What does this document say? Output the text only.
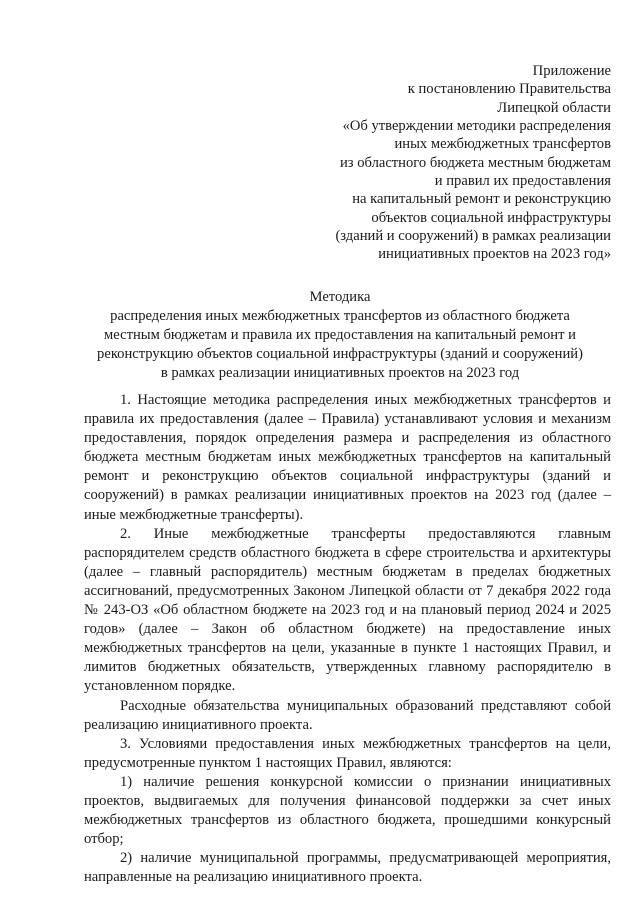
Приложение
к постановлению Правительства
Липецкой области
«Об утверждении методики распределения
иных межбюджетных трансфертов
из областного бюджета местным бюджетам
и правил их предоставления
на капитальный ремонт и реконструкцию
объектов социальной инфраструктуры
(зданий и сооружений) в рамках реализации
инициативных проектов на 2023 год»
Методика
распределения иных межбюджетных трансфертов из областного бюджета
местным бюджетам и правила их предоставления на капитальный ремонт и
реконструкцию объектов социальной инфраструктуры (зданий и сооружений)
в рамках реализации инициативных проектов на 2023 год

1. Настоящие методика распределения иных межбюджетных трансфертов и правила их предоставления (далее – Правила) устанавливают условия и механизм предоставления, порядок определения размера и распределения из областного бюджета местным бюджетам иных межбюджетных трансфертов на капитальный ремонт и реконструкцию объектов социальной инфраструктуры (зданий и сооружений) в рамках реализации инициативных проектов на 2023 год (далее – иные межбюджетные трансферты).

2. Иные межбюджетные трансферты предоставляются главным распорядителем средств областного бюджета в сфере строительства и архитектуры (далее – главный распорядитель) местным бюджетам в пределах бюджетных ассигнований, предусмотренных Законом Липецкой области от 7 декабря 2022 года № 243-ОЗ «Об областном бюджете на 2023 год и на плановый период 2024 и 2025 годов» (далее – Закон об областном бюджете) на предоставление иных межбюджетных трансфертов на цели, указанные в пункте 1 настоящих Правил, и лимитов бюджетных обязательств, утвержденных главному распорядителю в установленном порядке.

Расходные обязательства муниципальных образований представляют собой реализацию инициативного проекта.

3. Условиями предоставления иных межбюджетных трансфертов на цели, предусмотренные пунктом 1 настоящих Правил, являются:

1) наличие решения конкурсной комиссии о признании инициативных проектов, выдвигаемых для получения финансовой поддержки за счет иных межбюджетных трансфертов из областного бюджета, прошедшими конкурсный отбор;

2) наличие муниципальной программы, предусматривающей мероприятия, направленные на реализацию инициативного проекта.
